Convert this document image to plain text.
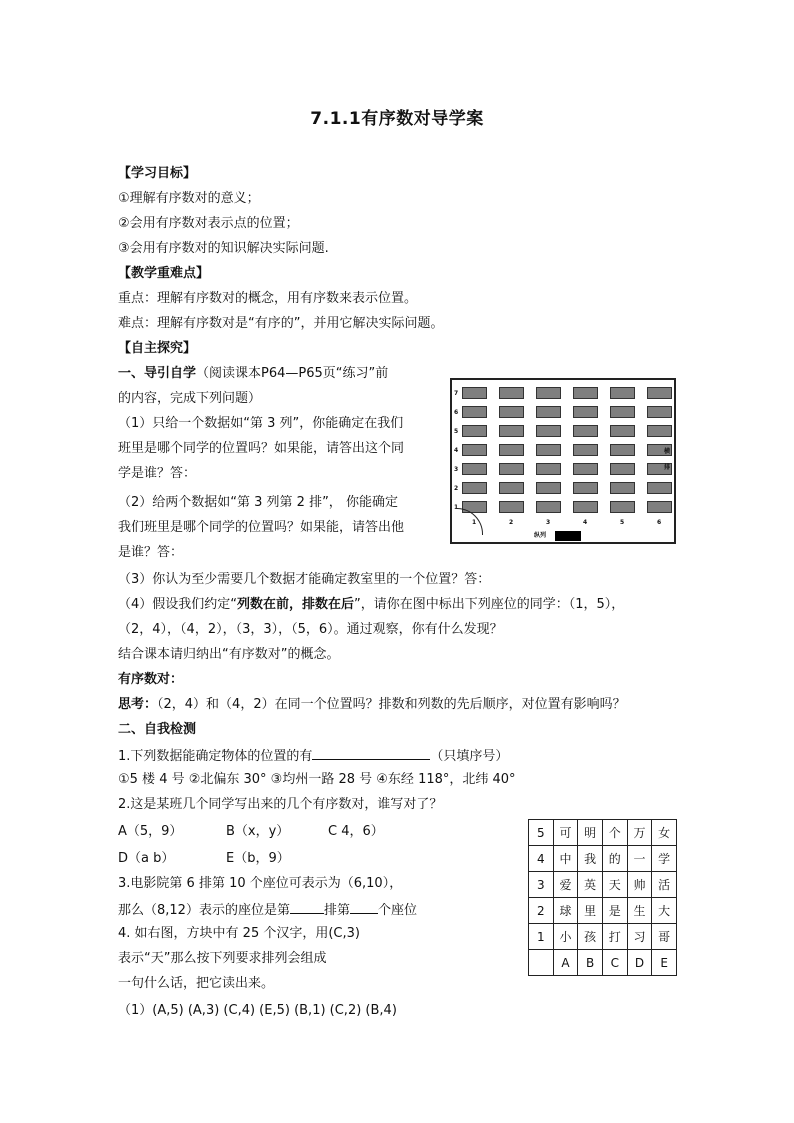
7.1.1有序数对导学案
【学习目标】
①理解有序数对的意义；
②会用有序数对表示点的位置；
③会用有序数对的知识解决实际问题.
【教学重难点】
重点：理解有序数对的概念，用有序数来表示位置。
难点：理解有序数对是“有序的”，并用它解决实际问题。
【自主探究】
一、导引自学（阅读课本P64—P65页“练习”前
的内容，完成下列问题）
（1）只给一个数据如“第 3 列”，你能确定在我们
班里是哪个同学的位置吗？如果能，请答出这个同
学是谁？答：
（2）给两个数据如“第 3 列第 2 排”， 你能确定
我们班里是哪个同学的位置吗？如果能，请答出他
是谁？答：
（3）你认为至少需要几个数据才能确定教室里的一个位置？答：
（4）假设我们约定“列数在前，排数在后”，请你在图中标出下列座位的同学：（1，5），
（2，4），（4，2），（3，3），（5，6）。通过观察，你有什么发现？
结合课本请归纳出“有序数对”的概念。
有序数对：
思考：（2，4）和（4，2）在同一个位置吗？排数和列数的先后顺序，对位置有影响吗？
二、自我检测
1.下列数据能确定物体的位置的有	（只填序号）
①5 楼 4 号 ②北偏东 30° ③均州一路 28 号 ④东经 118°，北纬 40°
2.这是某班几个同学写出来的几个有序数对，谁写对了？
A（5，9）	B（x，y）	C 4，6）
D（a b）	E（b，9）
3.电影院第 6 排第 10 个座位可表示为（6,10），
那么（8,12）表示的座位是第	排第 个座位
4. 如右图，方块中有 25 个汉字，用(C,3)
表示“天”那么按下列要求排列会组成
一句什么话，把它读出来。
（1）(A,5) (A,3) (C,4) (E,5) (B,1) (C,2) (B,4)
7
6
5
4
3
2
1
1	2	3	4	5	6
横
排
纵列
5	可	明	个	万	女
4	中	我	的	一	学
3	爱	英	天	帅	活
2	球	里	是	生	大
1	小	孩	打	习	哥
	A	B	C	D	E
